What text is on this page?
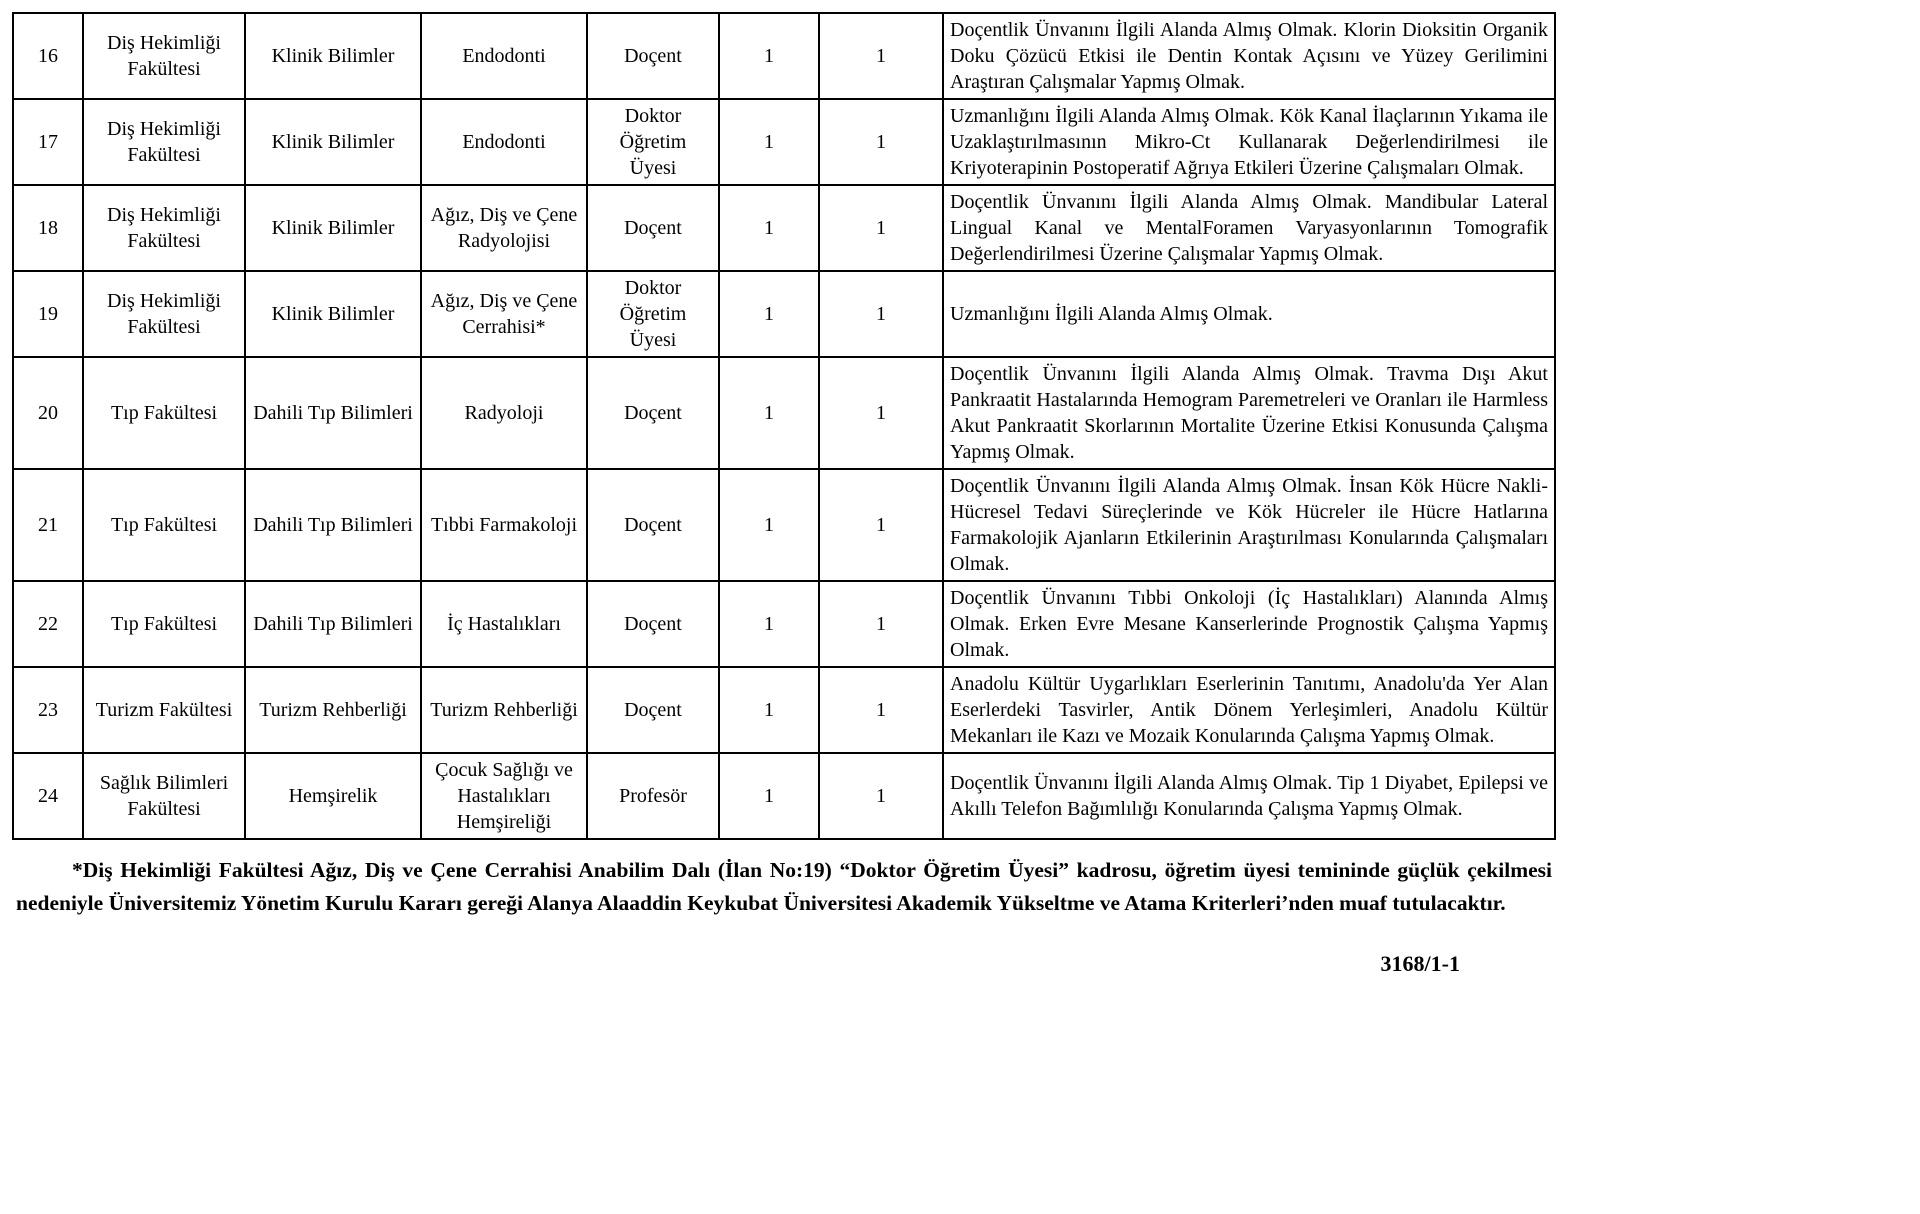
16	Diş Hekimliği Fakültesi	Klinik Bilimler	Endodonti	Doçent	1	1	Doçentlik Ünvanını İlgili Alanda Almış Olmak. Klorin Dioksitin Organik Doku Çözücü Etkisi ile Dentin Kontak Açısını ve Yüzey Gerilimini Araştıran Çalışmalar Yapmış Olmak.
17	Diş Hekimliği Fakültesi	Klinik Bilimler	Endodonti	Doktor Öğretim Üyesi	1	1	Uzmanlığını İlgili Alanda Almış Olmak. Kök Kanal İlaçlarının Yıkama ile Uzaklaştırılmasının Mikro-Ct Kullanarak Değerlendirilmesi ile Kriyoterapinin Postoperatif Ağrıya Etkileri Üzerine Çalışmaları Olmak.
18	Diş Hekimliği Fakültesi	Klinik Bilimler	Ağız, Diş ve Çene Radyolojisi	Doçent	1	1	Doçentlik Ünvanını İlgili Alanda Almış Olmak. Mandibular Lateral Lingual Kanal ve MentalForamen Varyasyonlarının Tomografik Değerlendirilmesi Üzerine Çalışmalar Yapmış Olmak.
19	Diş Hekimliği Fakültesi	Klinik Bilimler	Ağız, Diş ve Çene Cerrahisi*	Doktor Öğretim Üyesi	1	1	Uzmanlığını İlgili Alanda Almış Olmak.
20	Tıp Fakültesi	Dahili Tıp Bilimleri	Radyoloji	Doçent	1	1	Doçentlik Ünvanını İlgili Alanda Almış Olmak. Travma Dışı Akut Pankraatit Hastalarında Hemogram Paremetreleri ve Oranları ile Harmless Akut Pankraatit Skorlarının Mortalite Üzerine Etkisi Konusunda Çalışma Yapmış Olmak.
21	Tıp Fakültesi	Dahili Tıp Bilimleri	Tıbbi Farmakoloji	Doçent	1	1	Doçentlik Ünvanını İlgili Alanda Almış Olmak. İnsan Kök Hücre Nakli-Hücresel Tedavi Süreçlerinde ve Kök Hücreler ile Hücre Hatlarına Farmakolojik Ajanların Etkilerinin Araştırılması Konularında Çalışmaları Olmak.
22	Tıp Fakültesi	Dahili Tıp Bilimleri	İç Hastalıkları	Doçent	1	1	Doçentlik Ünvanını Tıbbi Onkoloji (İç Hastalıkları) Alanında Almış Olmak. Erken Evre Mesane Kanserlerinde Prognostik Çalışma Yapmış Olmak.
23	Turizm Fakültesi	Turizm Rehberliği	Turizm Rehberliği	Doçent	1	1	Anadolu Kültür Uygarlıkları Eserlerinin Tanıtımı, Anadolu'da Yer Alan Eserlerdeki Tasvirler, Antik Dönem Yerleşimleri, Anadolu Kültür Mekanları ile Kazı ve Mozaik Konularında Çalışma Yapmış Olmak.
24	Sağlık Bilimleri Fakültesi	Hemşirelik	Çocuk Sağlığı ve Hastalıkları Hemşireliği	Profesör	1	1	Doçentlik Ünvanını İlgili Alanda Almış Olmak. Tip 1 Diyabet, Epilepsi ve Akıllı Telefon Bağımlılığı Konularında Çalışma Yapmış Olmak.

*Diş Hekimliği Fakültesi Ağız, Diş ve Çene Cerrahisi Anabilim Dalı (İlan No:19) “Doktor Öğretim Üyesi” kadrosu, öğretim üyesi temininde güçlük çekilmesi nedeniyle Üniversitemiz Yönetim Kurulu Kararı gereği Alanya Alaaddin Keykubat Üniversitesi Akademik Yükseltme ve Atama Kriterleri’nden muaf tutulacaktır.

3168/1-1
